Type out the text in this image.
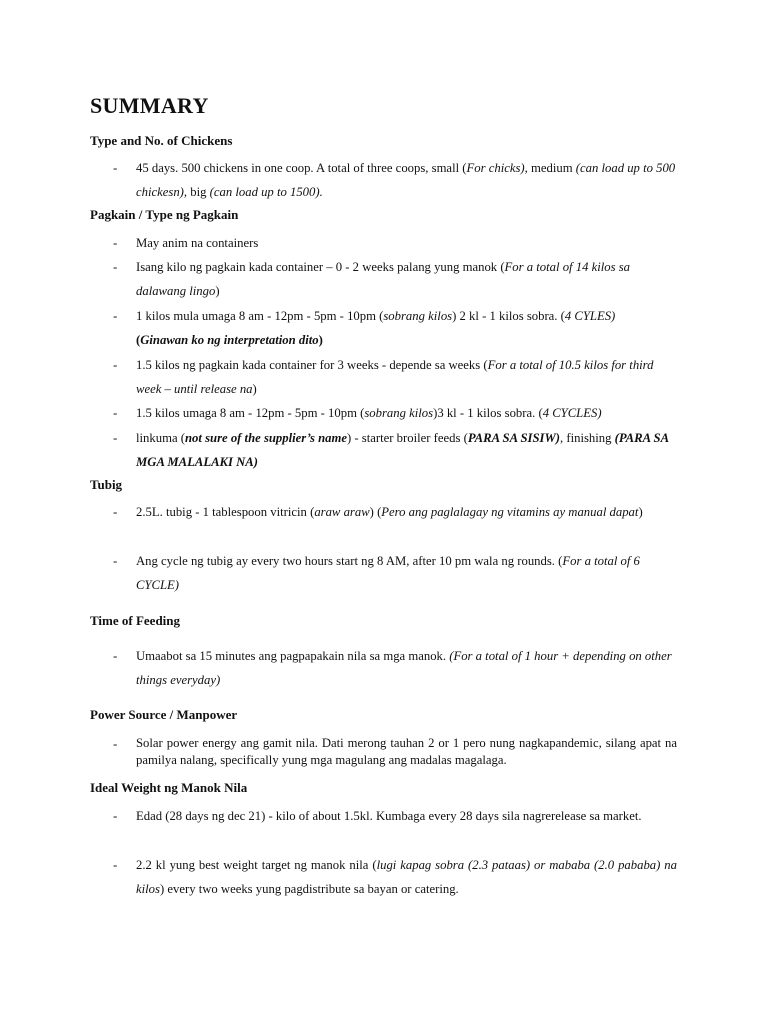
SUMMARY
Type and No. of Chickens
- 45 days. 500 chickens in one coop. A total of three coops, small (For chicks), medium (can load up to 500 chickesn), big (can load up to 1500).

Pagkain / Type ng Pagkain
- May anim na containers

- Isang kilo ng pagkain kada container – 0 - 2 weeks palang yung manok (For a total of 14 kilos sa dalawang lingo)

- 1 kilos mula umaga 8 am - 12pm - 5pm - 10pm (sobrang kilos) 2 kl - 1 kilos sobra. (4 CYLES)
(Ginawan ko ng interpretation dito)

- 1.5 kilos ng pagkain kada container for 3 weeks - depende sa weeks (For a total of 10.5 kilos for third week – until release na)

- 1.5 kilos umaga 8 am - 12pm - 5pm - 10pm (sobrang kilos)3 kl - 1 kilos sobra. (4 CYCLES)

- linkuma (not sure of the supplier’s name) - starter broiler feeds (PARA SA SISIW), finishing (PARA SA MGA MALALAKI NA)

Tubig
- 2.5L. tubig - 1 tablespoon vitricin (araw araw) (Pero ang paglalagay ng vitamins ay manual dapat)

- Ang cycle ng tubig ay every two hours start ng 8 AM, after 10 pm wala ng rounds. (For a total of 6 CYCLE)

Time of Feeding
- Umaabot sa 15 minutes ang pagpapakain nila sa mga manok. (For a total of 1 hour + depending on other things everyday)

Power Source / Manpower
- Solar power energy ang gamit nila. Dati merong tauhan 2 or 1 pero nung nagkapandemic, silang apat na pamilya nalang, specifically yung mga magulang ang madalas magalaga.

Ideal Weight ng Manok Nila
- Edad (28 days ng dec 21) - kilo of about 1.5kl. Kumbaga every 28 days sila nagrerelease sa market.

- 2.2 kl yung best weight target ng manok nila (lugi kapag sobra (2.3 pataas) or mababa (2.0 pababa) na kilos) every two weeks yung pagdistribute sa bayan or catering.
